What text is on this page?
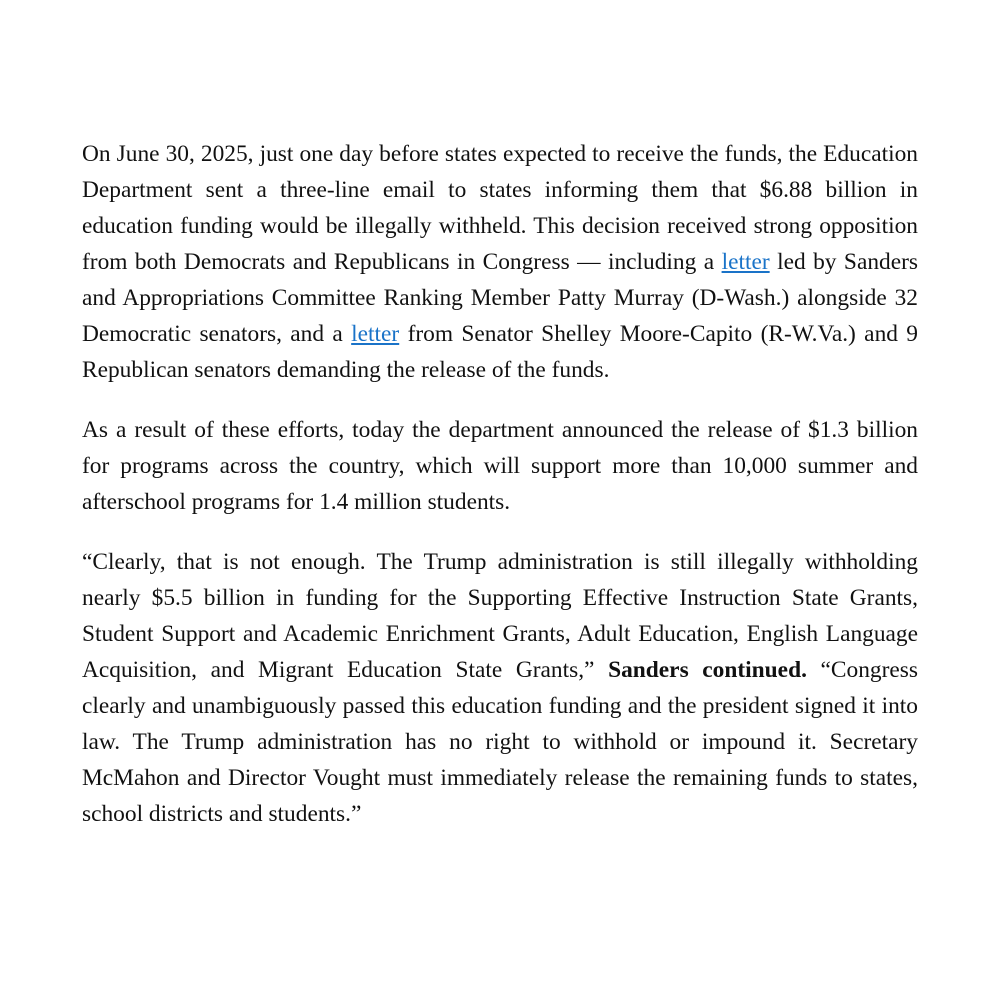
On June 30, 2025, just one day before states expected to receive the funds, the Education Department sent a three-line email to states informing them that $6.88 billion in education funding would be illegally withheld. This decision received strong opposition from both Democrats and Republicans in Congress — including a letter led by Sanders and Appropriations Committee Ranking Member Patty Murray (D-Wash.) alongside 32 Democratic senators, and a letter from Senator Shelley Moore-Capito (R-W.Va.) and 9 Republican senators demanding the release of the funds.

As a result of these efforts, today the department announced the release of $1.3 billion for programs across the country, which will support more than 10,000 summer and afterschool programs for 1.4 million students.

“Clearly, that is not enough. The Trump administration is still illegally withholding nearly $5.5 billion in funding for the Supporting Effective Instruction State Grants, Student Support and Academic Enrichment Grants, Adult Education, English Language Acquisition, and Migrant Education State Grants,” Sanders continued. “Congress clearly and unambiguously passed this education funding and the president signed it into law. The Trump administration has no right to withhold or impound it. Secretary McMahon and Director Vought must immediately release the remaining funds to states, school districts and students.”
